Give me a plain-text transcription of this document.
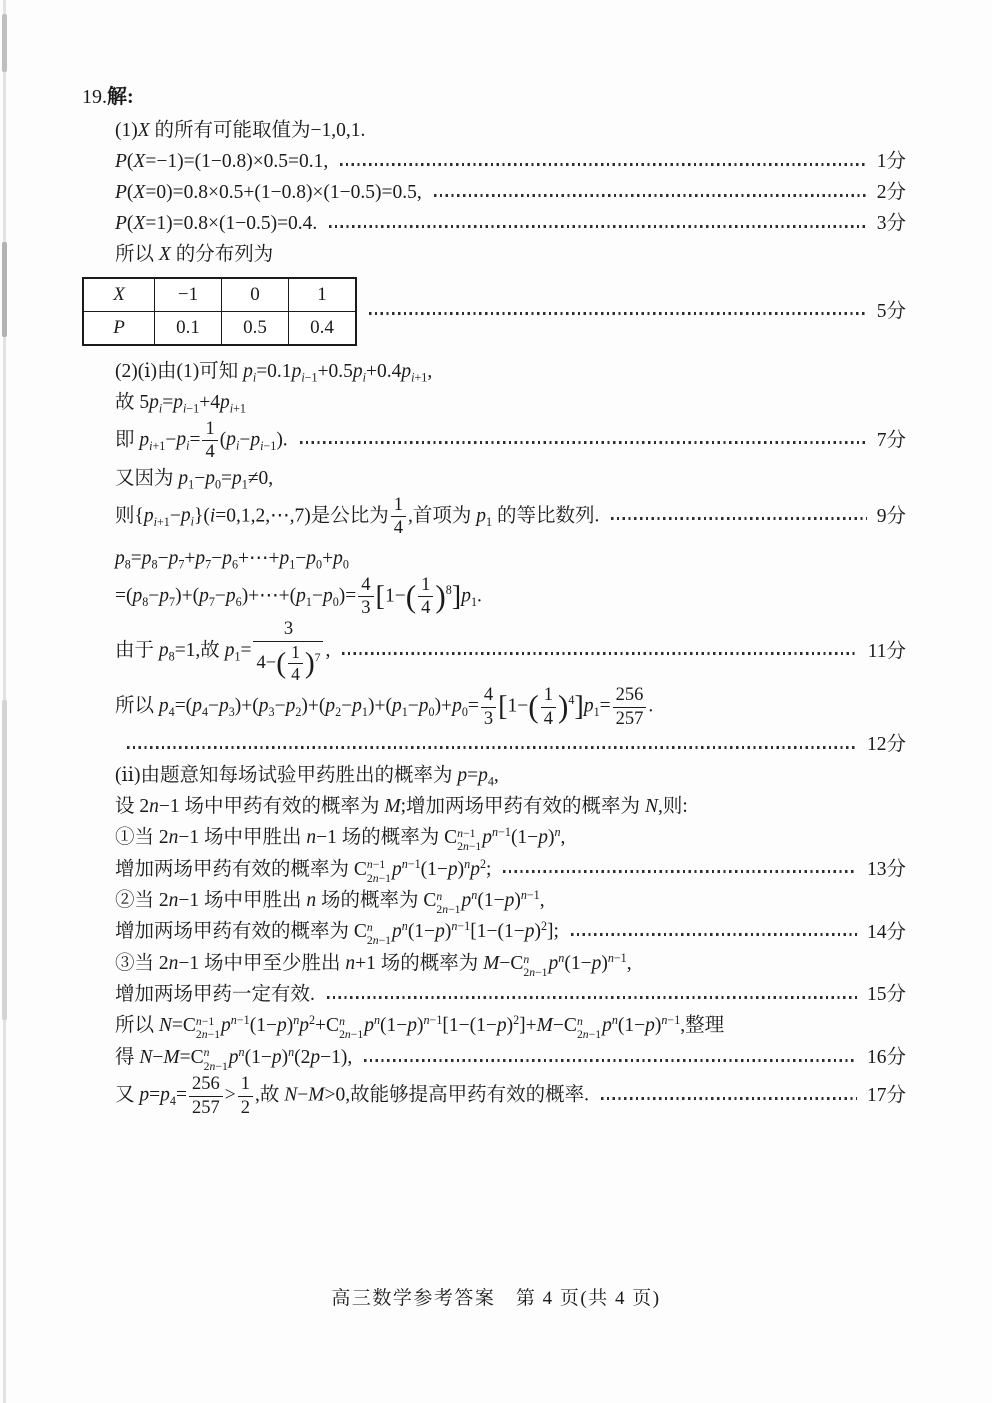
19. 解:
(1)X 的所有可能取值为−1,0,1.
P(X=−1)=(1−0.8)×0.5=0.1,	1分
P(X=0)=0.8×0.5+(1−0.8)×(1−0.5)=0.5,	2分
P(X=1)=0.8×(1−0.5)=0.4.	3分
所以 X 的分布列为
X	−1	0	1
P	0.1	0.5	0.4
5分
(2)(ⅰ)由(1)可知 $p_i=0.1p_{i-1}+0.5p_i+0.4p_{i+1}$,
故 $5p_i=p_{i-1}+4p_{i+1}$
即 $p_{i+1}-p_i= \frac{1}{4} (p_i-p_{i-1})$.	7分
又因为 $p_1-p_0=p_1\ne 0$,
则$\{p_{i+1}-p_i\}(i=0,1,2,\cdots,7)$是公比为 $\frac{1}{4}$ ,首项为 $p_1$ 的等比数列.	9分
$p_8=p_8-p_7+p_7-p_6+\cdots+p_1-p_0+p_0$
$=(p_8-p_7)+(p_7-p_6)+\cdots+(p_1-p_0)= \frac{4}{3} [1-( \frac{1}{4} )^8]p_1$.
由于 $p_8=1$,故 $p_1= \frac{3}{4-( \frac{1}{4} )^7}$ ,	11分
所以 $p_4=(p_4-p_3)+(p_3-p_2)+(p_2-p_1)+(p_1-p_0)+p_0= \frac{4}{3} [1-( \frac{1}{4} )^4]p_1= \frac{256}{257}$ .
12分
(ⅱ)由题意知每场试验甲药胜出的概率为 $p=p_4$,
设 2n−1 场中甲药有效的概率为 M;增加两场甲药有效的概率为 N,则:
①当 2n−1 场中甲胜出 n−1 场的概率为 C n−1
2n−1 $p^{n-1}(1-p)^n$,
增加两场甲药有效的概率为 C n−1
2n−1 $p^{n-1}(1-p)^np^2$;	13分
②当 2n−1 场中甲胜出 n 场的概率为 C n
2n−1 $p^n(1-p)^{n-1}$,
增加两场甲药有效的概率为 C n
2n−1 $p^n(1-p)^{n-1}[1-(1-p)^2]$;	14分
③当 2n−1 场中甲至少胜出 n+1 场的概率为 M−C n
2n−1 $p^n(1-p)^{n-1}$,
增加两场甲药一定有效.	15分
所以 N=C n−1
2n−1 $p^{n-1}(1-p)^np^2+C$ n
2n−1 $p^n(1-p)^{n-1}[1-(1-p)^2]+M-C$ n
2n−1 $p^n(1-p)^{n-1}$,整理
得 N−M=C n
2n−1 $p^n(1-p)^n(2p-1)$,	16分
又 $p=p_4= \frac{256}{257} > \frac{1}{2}$ ,故 N−M>0,故能够提高甲药有效的概率.	17分
高三数学参考答案　第 4 页(共 4 页)
